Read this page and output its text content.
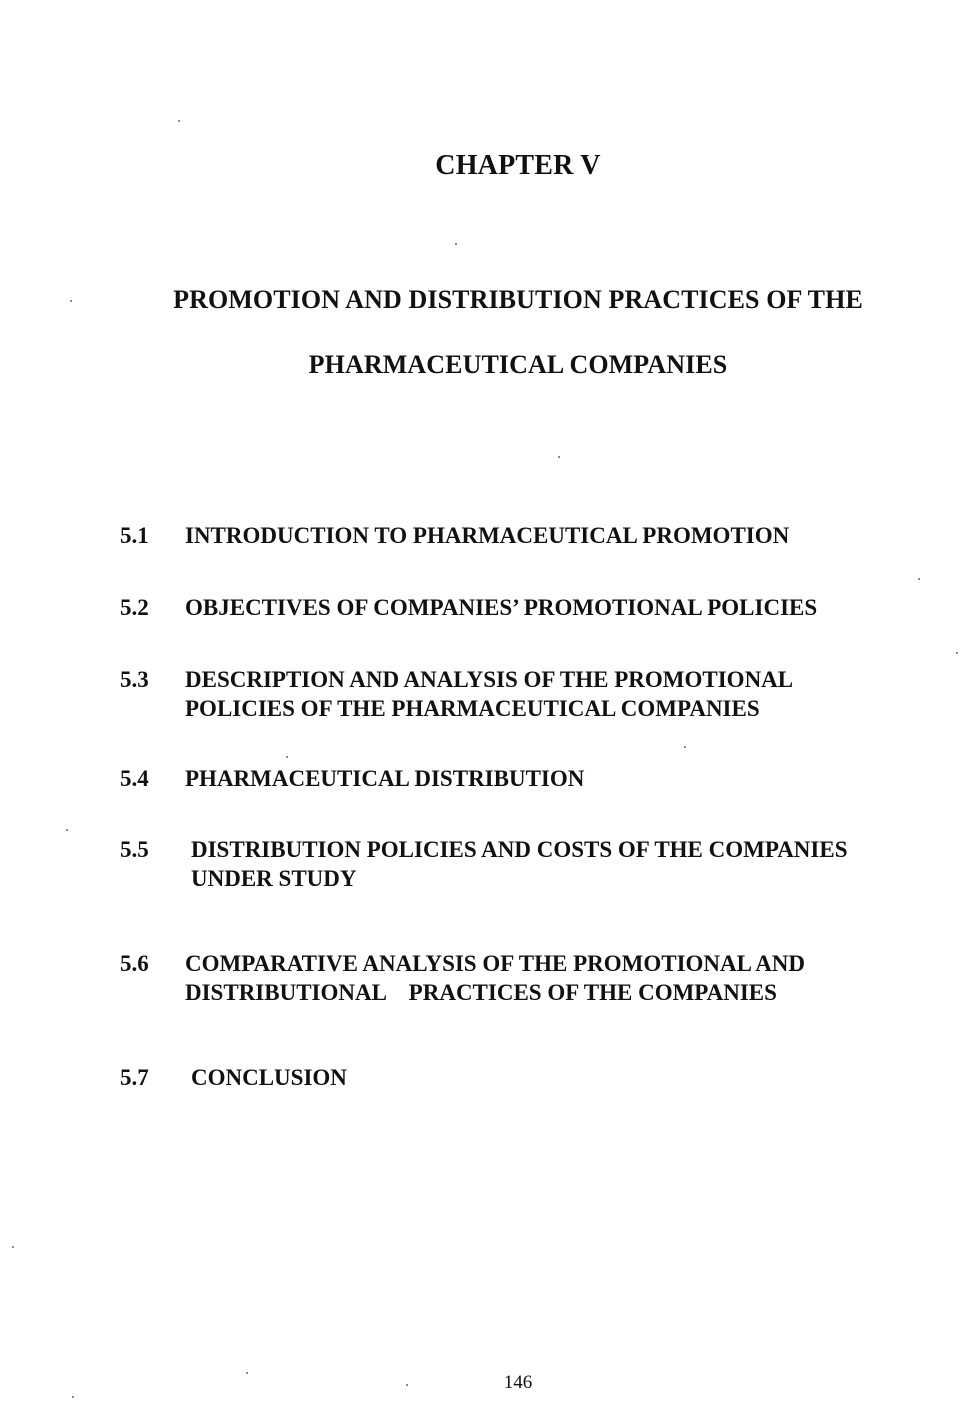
CHAPTER V
PROMOTION AND DISTRIBUTION PRACTICES OF THE
PHARMACEUTICAL COMPANIES
5.1	INTRODUCTION TO PHARMACEUTICAL PROMOTION
5.2	OBJECTIVES OF COMPANIES’ PROMOTIONAL POLICIES
5.3	DESCRIPTION AND ANALYSIS OF THE PROMOTIONAL
POLICIES OF THE PHARMACEUTICAL COMPANIES
5.4	PHARMACEUTICAL DISTRIBUTION
5.5	DISTRIBUTION POLICIES AND COSTS OF THE COMPANIES
UNDER STUDY
5.6	COMPARATIVE ANALYSIS OF THE PROMOTIONAL AND
DISTRIBUTIONAL    PRACTICES OF THE COMPANIES
5.7	CONCLUSION
146
